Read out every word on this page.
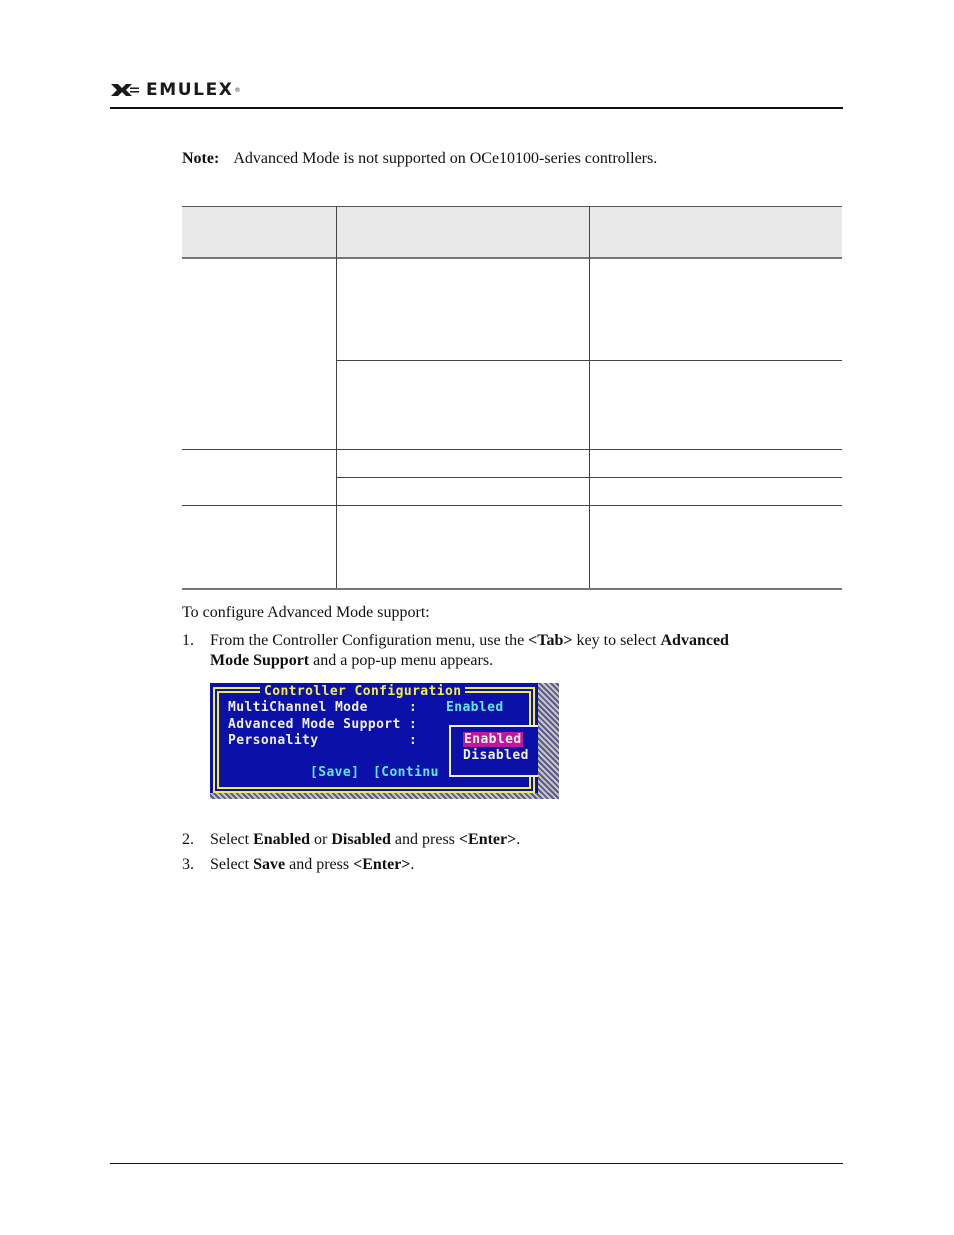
EMULEX ®
Note: Advanced Mode is not supported on OCe10100-series controllers.
To configure Advanced Mode support:
1. From the Controller Configuration menu, use the <Tab> key to select Advanced
Mode Support and a pop-up menu appears.
Controller Configuration
MultiChannel Mode     : Enabled
Advanced Mode Support :
Personality           :
[Save] [Continu
Enabled
Disabled
2. Select Enabled or Disabled and press <Enter>.
3. Select Save and press <Enter>.
